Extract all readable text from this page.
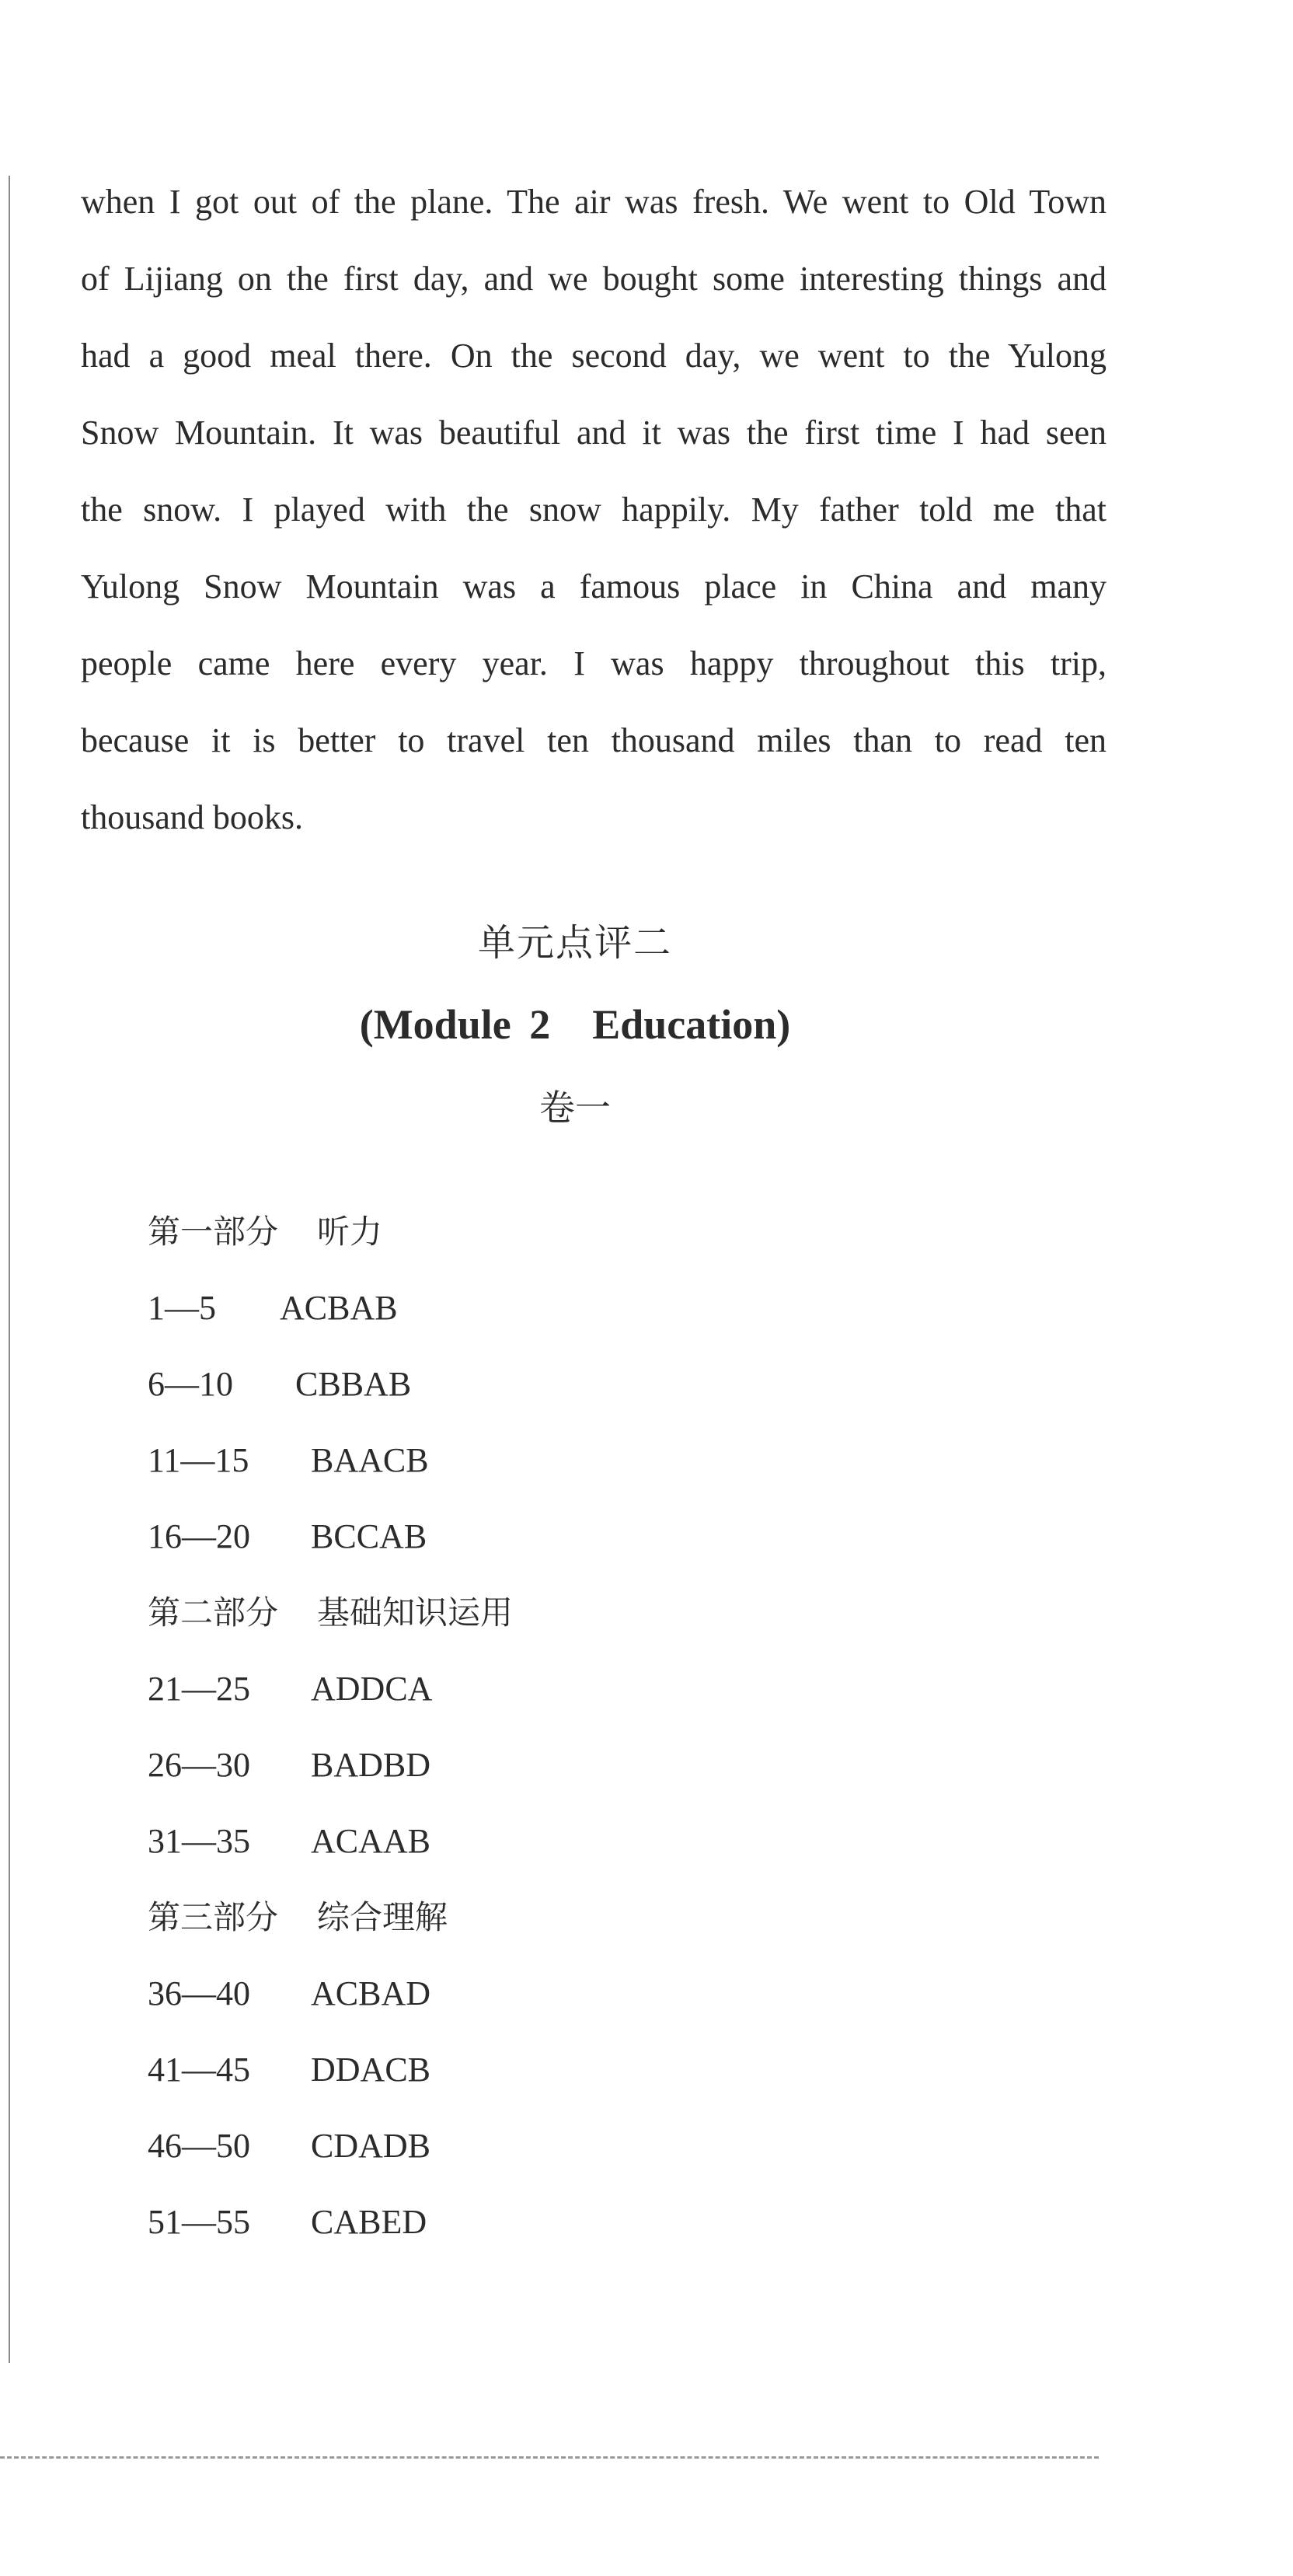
when I got out of the plane. The air was fresh. We went to Old Town
of Lijiang on the first day, and we bought some interesting things and
had a good meal there. On the second day, we went to the Yulong
Snow Mountain. It was beautiful and it was the first time I had seen
the snow. I played with the snow happily. My father told me that
Yulong Snow Mountain was a famous place in China and many
people came here every year. I was happy throughout this trip,
because it is better to travel ten thousand miles than to read ten
thousand books.
单元点评二
(Module 2　Education)
卷一
第一部分 听力
1—5 ACBAB
6—10 CBBAB
11—15 BAACB
16—20 BCCAB
第二部分 基础知识运用
21—25 ADDCA
26—30 BADBD
31—35 ACAAB
第三部分 综合理解
36—40 ACBAD
41—45 DDACB
46—50 CDADB
51—55 CABED
